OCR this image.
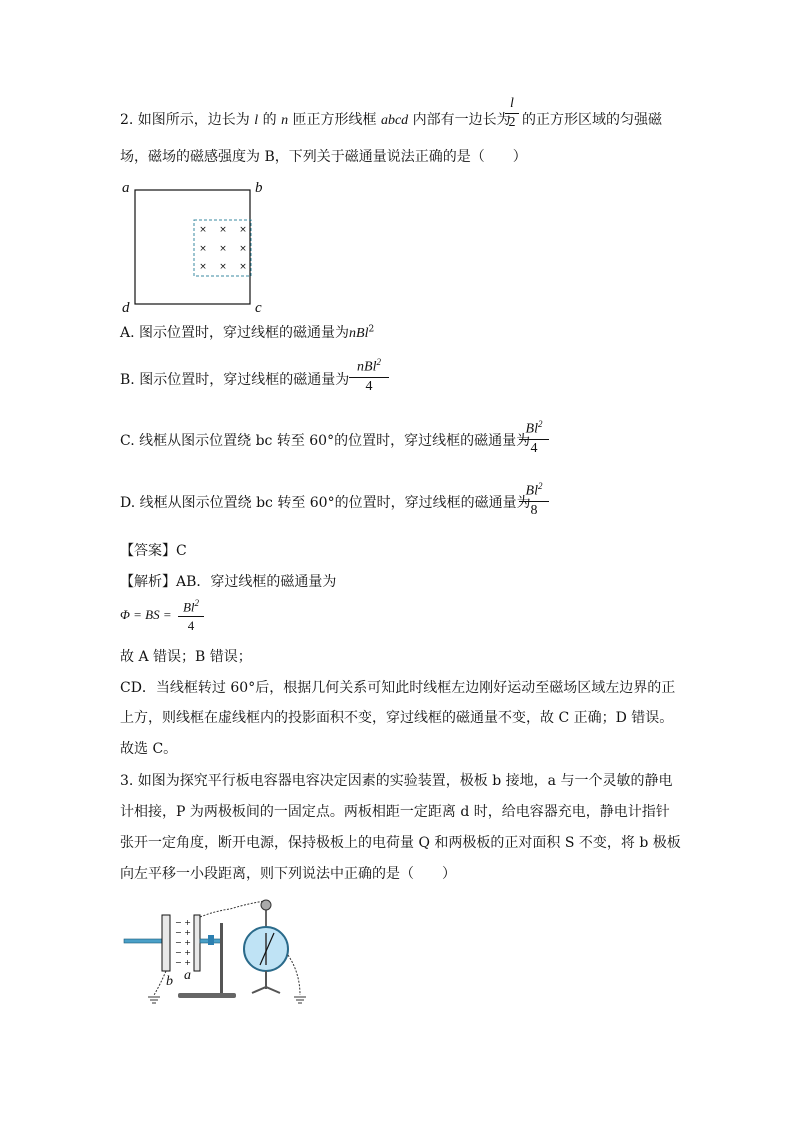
2. 如图所示，边长为 l 的 n 匝正方形线框 abcd 内部有一边长为
l
2 的正方形区域的匀强磁
场，磁场的磁感强度为 B，下列关于磁通量说法正确的是（　　）
× × ×
× × ×
× × ×
a	b
c
d
A. 图示位置时，穿过线框的磁通量为nBl$^2$
B. 图示位置时，穿过线框的磁通量为
nBl$^2$
4
C. 线框从图示位置绕 bc 转至 60°的位置时，穿过线框的磁通量为
Bl$^2$
4
D. 线框从图示位置绕 bc 转至 60°的位置时，穿过线框的磁通量为
Bl$^2$
8
【答案】C
【解析】AB．穿过线框的磁通量为
Φ = BS =
$Bl^2$
4
故 A 错误；B 错误；
CD．当线框转过 60°后，根据几何关系可知此时线框左边刚好运动至磁场区域左边界的正
上方，则线框在虚线框内的投影面积不变，穿过线框的磁通量不变，故 C 正确；D 错误。
故选 C。
3. 如图为探究平行板电容器电容决定因素的实验装置，极板 b 接地，a 与一个灵敏的静电
计相接，P 为两极板间的一固定点。两板相距一定距离 d 时，给电容器充电，静电计指针
张开一定角度，断开电源，保持极板上的电荷量 Q 和两极板的正对面积 S 不变，将 b 极板
向左平移一小段距离，则下列说法中正确的是（　　）
− +
− +
− +
− +
− +
b a
